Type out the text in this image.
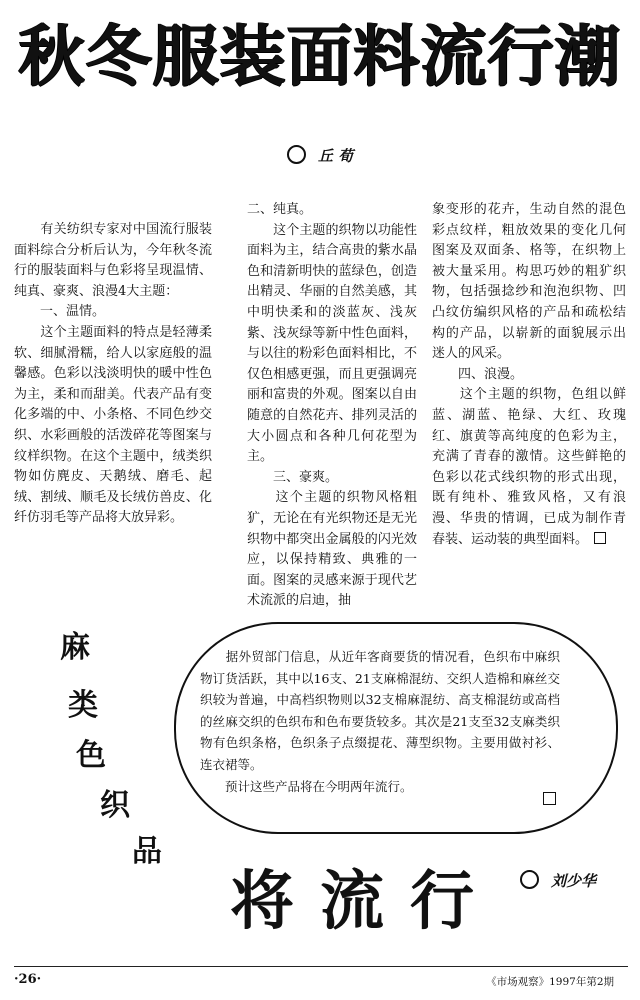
秋冬服装面料流行潮
丘 荀
　　有关纺织专家对中国流行服装面料综合分析后认为，今年秋冬流行的服装面料与色彩将呈现温情、纯真、豪爽、浪漫4大主题：
　　一、温情。
　　这个主题面料的特点是轻薄柔软、细腻滑糯，给人以家庭般的温馨感。色彩以浅淡明快的暖中性色为主，柔和而甜美。代表产品有变化多端的中、小条格、不同色纱交织、水彩画般的活泼碎花等图案与纹样织物。在这个主题中，绒类织物如仿麂皮、天鹅绒、磨毛、起绒、割绒、顺毛及长绒仿兽皮、化纤仿羽毛等产品将大放异彩。
二、纯真。
　　这个主题的织物以功能性面料为主，结合高贵的紫水晶色和清新明快的蓝绿色，创造出精灵、华丽的自然美感，其中明快柔和的淡蓝灰、浅灰紫、浅灰绿等新中性色面料，与以往的粉彩色面料相比，不仅色相感更强，而且更强调亮丽和富贵的外观。图案以自由随意的自然花卉、排列灵活的大小圆点和各种几何花型为主。
　　三、豪爽。
　　这个主题的织物风格粗犷，无论在有光织物还是无光织物中都突出金属般的闪光效应，以保持精致、典雅的一面。图案的灵感来源于现代艺术流派的启迪，抽
象变形的花卉，生动自然的混色彩点纹样，粗放效果的变化几何图案及双面条、格等，在织物上被大量采用。构思巧妙的粗犷织物，包括强捻纱和泡泡织物、凹凸纹仿编织风格的产品和疏松结构的产品，以崭新的面貌展示出迷人的风采。
　　四、浪漫。
　　这个主题的织物，色组以鲜蓝、湖蓝、艳绿、大红、玫瑰红、旗黄等高纯度的色彩为主，充满了青春的激情。这些鲜艳的色彩以花式线织物的形式出现，既有纯朴、雅致风格，又有浪漫、华贵的情调，已成为制作青春装、运动装的典型面料。
麻
类
色
织
品
　　据外贸部门信息，从近年客商要货的情况看，色织布中麻织物订货活跃，其中以16支、21支麻棉混纺、交织人造棉和麻丝交织较为普遍，中高档织物则以32支棉麻混纺、高支棉混纺或高档的丝麻交织的色织布和色布要货较多。其次是21支至32支麻类织物有色织条格，色织条子点缀提花、薄型织物。主要用做衬衫、连衣裙等。
　　预计这些产品将在今明两年流行。
将流行	刘少华
·26·	《市场观察》1997年第2期
